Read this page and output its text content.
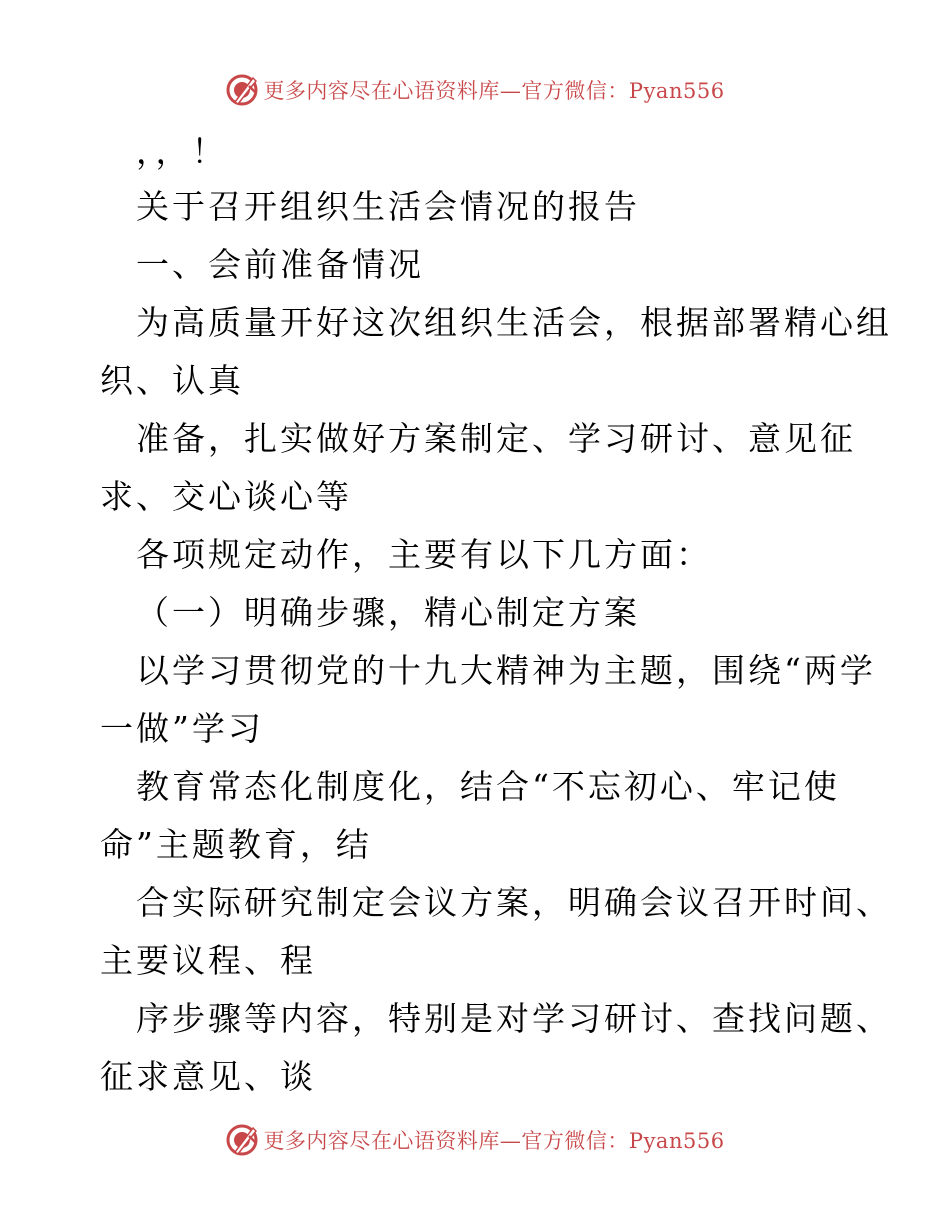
更多内容尽在心语资料库—官方微信：Pyan556
，，！
关于召开组织生活会情况的报告
一、会前准备情况
为高质量开好这次组织生活会，根据部署精心组
织、认真
准备，扎实做好方案制定、学习研讨、意见征
求、交心谈心等
各项规定动作，主要有以下几方面：
（一）明确步骤，精心制定方案
以学习贯彻党的十九大精神为主题，围绕“两学
一做”学习
教育常态化制度化，结合“不忘初心、牢记使
命”主题教育，结
合实际研究制定会议方案，明确会议召开时间、
主要议程、程
序步骤等内容，特别是对学习研讨、查找问题、
征求意见、谈
更多内容尽在心语资料库—官方微信：Pyan556
